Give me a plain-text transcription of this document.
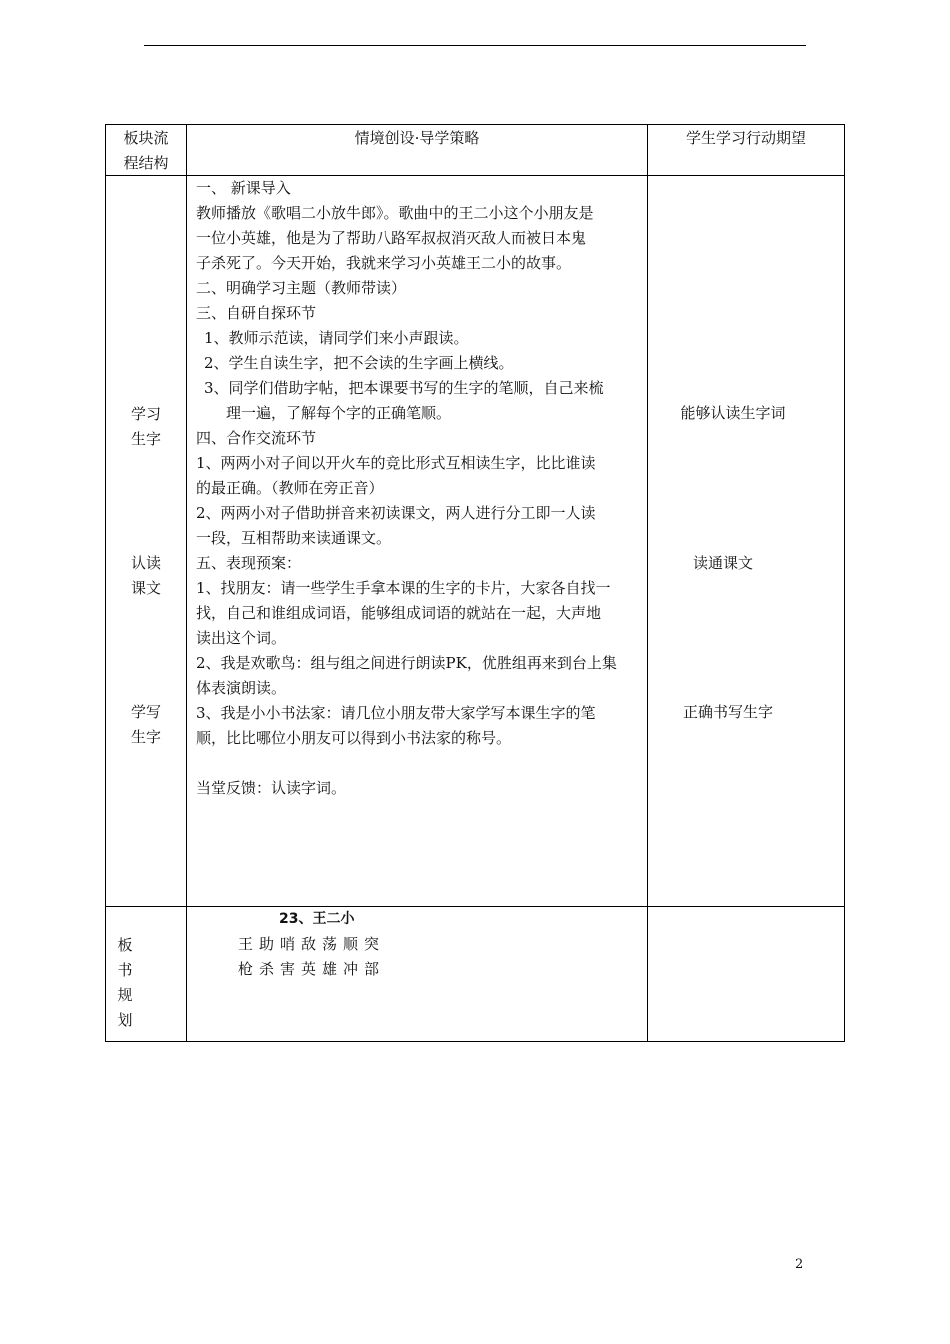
板块流
程结构
情境创设·导学策略	学生学习行动期望
学习
生字
认读
课文
学写
生字
一、 新课导入
教师播放《歌唱二小放牛郎》。歌曲中的王二小这个小朋友是
一位小英雄，他是为了帮助八路军叔叔消灭敌人而被日本鬼
子杀死了。今天开始，我就来学习小英雄王二小的故事。
二、明确学习主题（教师带读）
三、自研自探环节
1、教师示范读，请同学们来小声跟读。
2、学生自读生字，把不会读的生字画上横线。
3、同学们借助字帖，把本课要书写的生字的笔顺，自己来梳
理一遍，了解每个字的正确笔顺。
四、合作交流环节
1、两两小对子间以开火车的竞比形式互相读生字，比比谁读
的最正确。（教师在旁正音）
2、两两小对子借助拼音来初读课文，两人进行分工即一人读
一段，互相帮助来读通课文。
五、表现预案：
1、找朋友：请一些学生手拿本课的生字的卡片，大家各自找一
找，自己和谁组成词语，能够组成词语的就站在一起，大声地
读出这个词。
2、我是欢歌鸟：组与组之间进行朗读PK，优胜组再来到台上集
体表演朗读。
3、我是小小书法家：请几位小朋友带大家学写本课生字的笔
顺，比比哪位小朋友可以得到小书法家的称号。
当堂反馈：认读字词。
能够认读生字词
读通课文
正确书写生字
板
书
规
划
23、王二小
王助哨敌荡顺突
枪杀害英雄冲部
2
